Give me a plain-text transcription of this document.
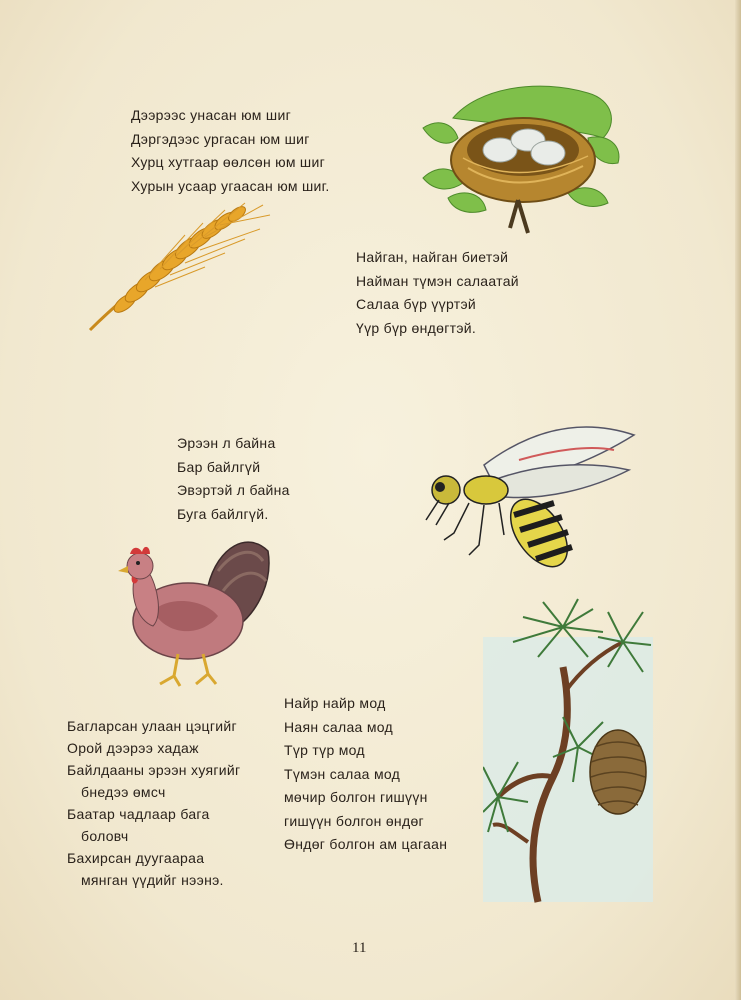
Дээрээс унасан юм шиг
Дэргэдээс ургасан юм шиг
Хурц хутгаар өөлсөн юм шиг
Хурын усаар угаасан юм шиг.
Найган, найган биетэй
Найман түмэн салаатай
Салаа бүр үүртэй
Үүр бүр өндөгтэй.
Эрээн л байна
Бар байлгүй
Эвэртэй л байна
Буга байлгүй.
Багларсан улаан цэцгийг
Орой дээрээ хадаж
Байлдааны эрээн хуягийг
бнедээ өмсч
Баатар чадлаар бага
боловч
Бахирсан дуугаараа
мянган үүдийг нээнэ.
Найр найр мод
Наян салаа мод
Түр түр мод
Түмэн салаа мод
мөчир болгон гишүүн
гишүүн болгон өндөг
Өндөг болгон ам цагаан
11
